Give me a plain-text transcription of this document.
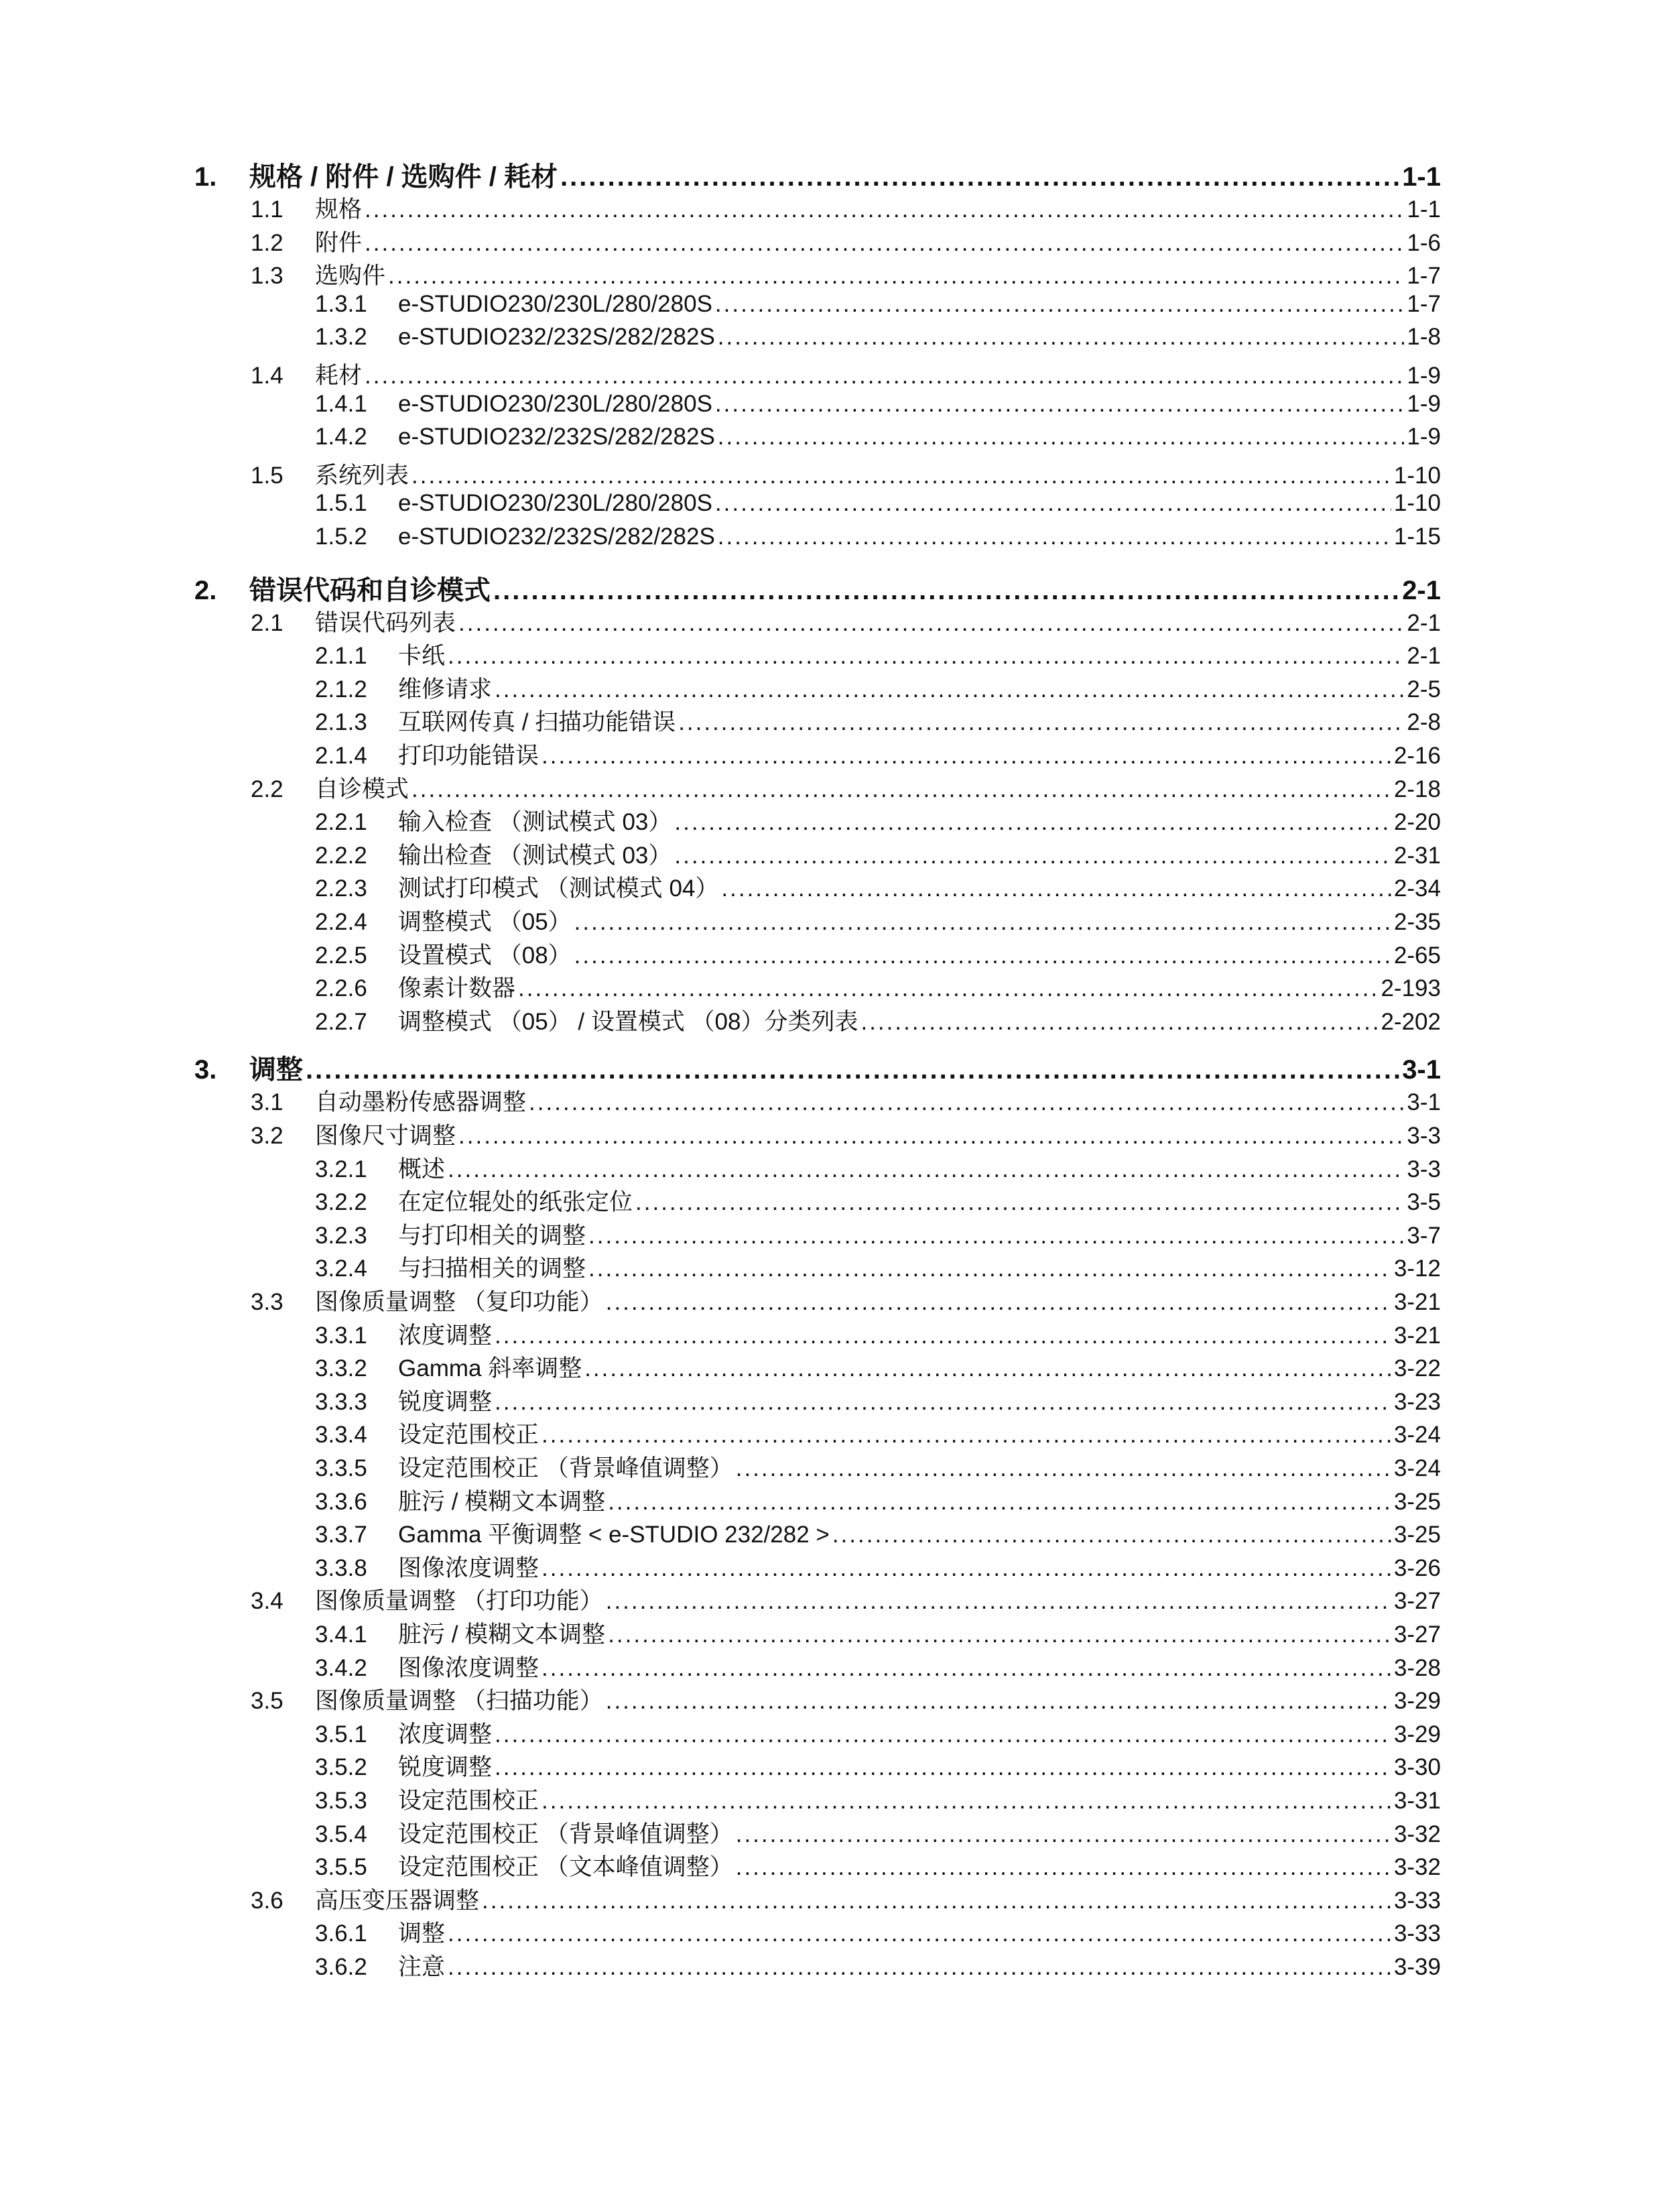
1.	规格 / 附件 / 选购件 / 耗材 .....	1-1
1.1	规格 .....	1-1
1.2	附件 .....	1-6
1.3	选购件 .....	1-7
1.3.1	e-STUDIO230/230L/280/280S .....	1-7
1.3.2	e-STUDIO232/232S/282/282S .....	1-8
1.4	耗材 .....	1-9
1.4.1	e-STUDIO230/230L/280/280S .....	1-9
1.4.2	e-STUDIO232/232S/282/282S .....	1-9
1.5	系统列表 .....	1-10
1.5.1	e-STUDIO230/230L/280/280S .....	1-10
1.5.2	e-STUDIO232/232S/282/282S .....	1-15
2.	错误代码和自诊模式 .....	2-1
2.1	错误代码列表 .....	2-1
2.1.1	卡纸 .....	2-1
2.1.2	维修请求 .....	2-5
2.1.3	互联网传真 / 扫描功能错误 .....	2-8
2.1.4	打印功能错误 .....	2-16
2.2	自诊模式 .....	2-18
2.2.1	输入检查 （测试模式 03） .....	2-20
2.2.2	输出检查 （测试模式 03） .....	2-31
2.2.3	测试打印模式 （测试模式 04） .....	2-34
2.2.4	调整模式 （05） .....	2-35
2.2.5	设置模式 （08） .....	2-65
2.2.6	像素计数器 .....	2-193
2.2.7	调整模式 （05） / 设置模式 （08）分类列表 .....	2-202
3.	调整 .....	3-1
3.1	自动墨粉传感器调整 .....	3-1
3.2	图像尺寸调整 .....	3-3
3.2.1	概述 .....	3-3
3.2.2	在定位辊处的纸张定位 .....	3-5
3.2.3	与打印相关的调整 .....	3-7
3.2.4	与扫描相关的调整 .....	3-12
3.3	图像质量调整 （复印功能） .....	3-21
3.3.1	浓度调整 .....	3-21
3.3.2	Gamma 斜率调整 .....	3-22
3.3.3	锐度调整 .....	3-23
3.3.4	设定范围校正 .....	3-24
3.3.5	设定范围校正 （背景峰值调整） .....	3-24
3.3.6	脏污 / 模糊文本调整 .....	3-25
3.3.7	Gamma 平衡调整 < e-STUDIO 232/282 > .....	3-25
3.3.8	图像浓度调整 .....	3-26
3.4	图像质量调整 （打印功能） .....	3-27
3.4.1	脏污 / 模糊文本调整 .....	3-27
3.4.2	图像浓度调整 .....	3-28
3.5	图像质量调整 （扫描功能） .....	3-29
3.5.1	浓度调整 .....	3-29
3.5.2	锐度调整 .....	3-30
3.5.3	设定范围校正 .....	3-31
3.5.4	设定范围校正 （背景峰值调整） .....	3-32
3.5.5	设定范围校正 （文本峰值调整） .....	3-32
3.6	高压变压器调整 .....	3-33
3.6.1	调整 .....	3-33
3.6.2	注意 .....	3-39
